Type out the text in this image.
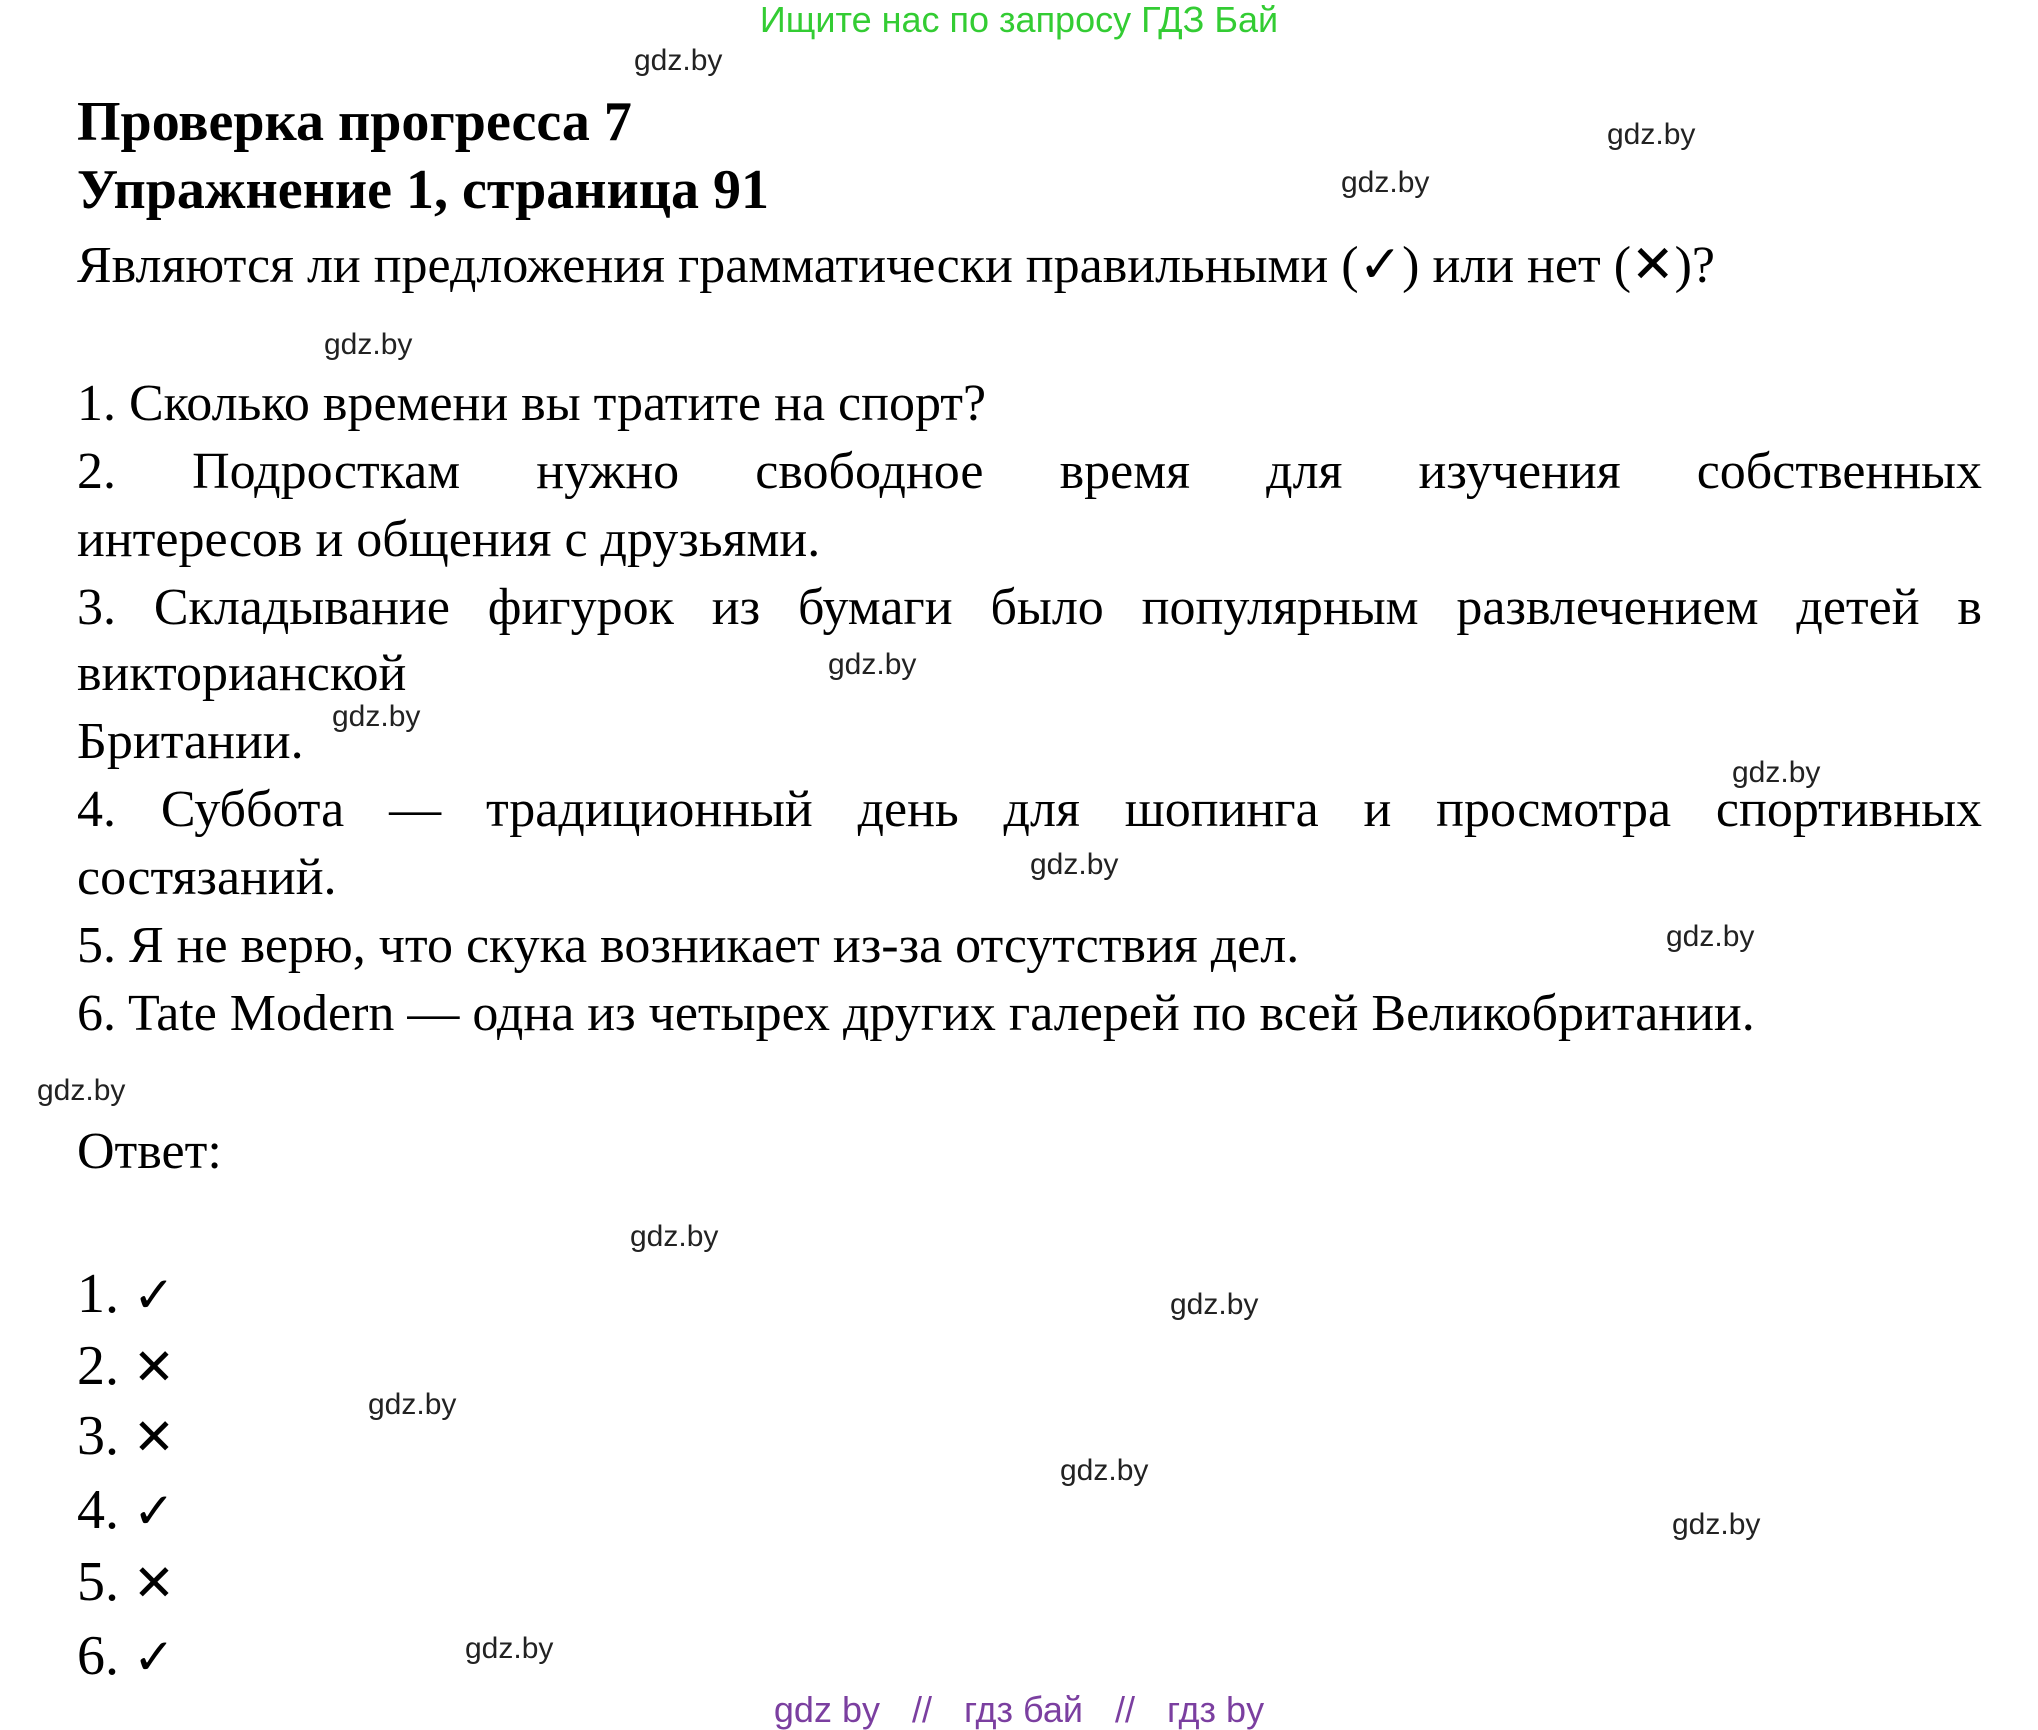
Ищите нас по запросу ГДЗ Бай
gdz.by
gdz.by
gdz.by
gdz.by
gdz.by
gdz.by
gdz.by
gdz.by
gdz.by
gdz.by
gdz.by
gdz.by
gdz.by
gdz.by
gdz.by
gdz.by
Проверка прогресса 7
Упражнение 1, страница 91
Являются ли предложения грамматически правильными (✓) или нет (✕)?
1. Сколько времени вы тратите на спорт?
2. Подросткам нужно свободное время для изучения собственных
интересов и общения с друзьями.
3. Складывание фигурок из бумаги было популярным развлечением детей в
викторианской
Британии.
4. Суббота — традиционный день для шопинга и просмотра спортивных
состязаний.
5. Я не верю, что скука возникает из-за отсутствия дел.
6. Tate Modern — одна из четырех других галерей по всей Великобритании.
Ответ:
1. ✓
2. ✕
3. ✕
4. ✓
5. ✕
6. ✓
gdz by // гдз бай // гдз by
